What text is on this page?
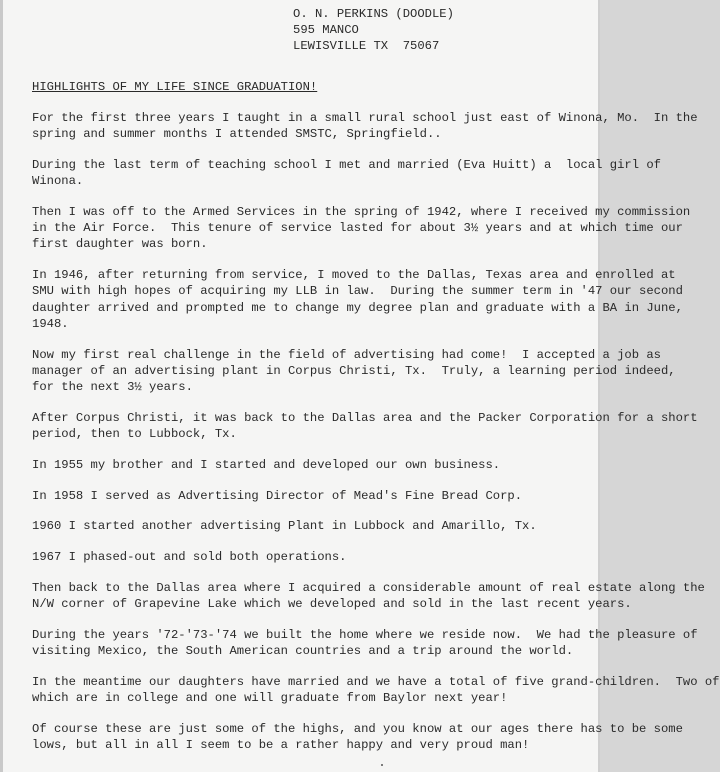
O. N. PERKINS (DOODLE)
595 MANCO
LEWISVILLE TX  75067
HIGHLIGHTS OF MY LIFE SINCE GRADUATION!
For the first three years I taught in a small rural school just east of Winona, Mo.  In the
spring and summer months I attended SMSTC, Springfield..
During the last term of teaching school I met and married (Eva Huitt) a  local girl of
Winona.
Then I was off to the Armed Services in the spring of 1942, where I received my commission
in the Air Force.  This tenure of service lasted for about 3½ years and at which time our
first daughter was born.
In 1946, after returning from service, I moved to the Dallas, Texas area and enrolled at
SMU with high hopes of acquiring my LLB in law.  During the summer term in '47 our second
daughter arrived and prompted me to change my degree plan and graduate with a BA in June,
1948.
Now my first real challenge in the field of advertising had come!  I accepted a job as
manager of an advertising plant in Corpus Christi, Tx.  Truly, a learning period indeed,
for the next 3½ years.
After Corpus Christi, it was back to the Dallas area and the Packer Corporation for a short
period, then to Lubbock, Tx.
In 1955 my brother and I started and developed our own business.
In 1958 I served as Advertising Director of Mead's Fine Bread Corp.
1960 I started another advertising Plant in Lubbock and Amarillo, Tx.
1967 I phased-out and sold both operations.
Then back to the Dallas area where I acquired a considerable amount of real estate along the
N/W corner of Grapevine Lake which we developed and sold in the last recent years.
During the years '72-'73-'74 we built the home where we reside now.  We had the pleasure of
visiting Mexico, the South American countries and a trip around the world.
In the meantime our daughters have married and we have a total of five grand-children.  Two of
which are in college and one will graduate from Baylor next year!
Of course these are just some of the highs, and you know at our ages there has to be some
lows, but all in all I seem to be a rather happy and very proud man!
